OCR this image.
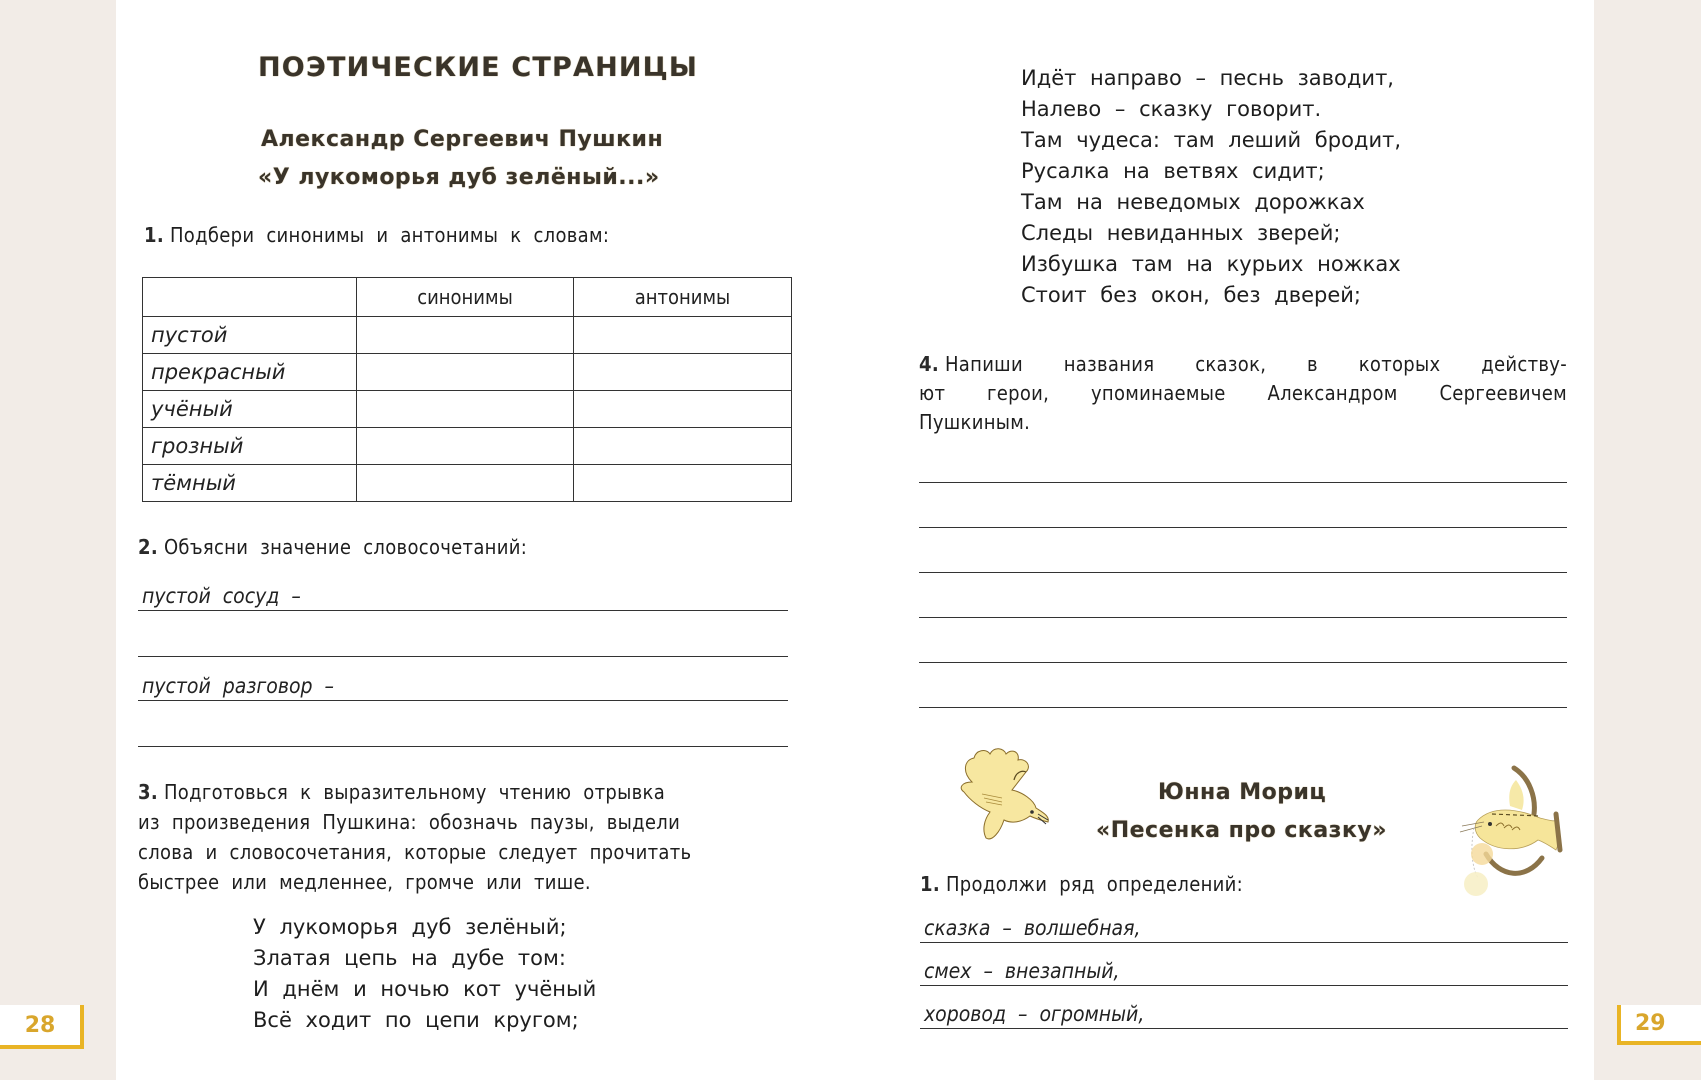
ПОЭТИЧЕСКИЕ СТРАНИЦЫ
Александр Сергеевич Пушкин
«У лукоморья дуб зелёный...»
1. Подбери синонимы и антонимы к словам:
	синонимы	антонимы
пустой		
прекрасный		
учёный		
грозный		
тёмный		
2. Объясни значение словосочетаний:
пустой сосуд –
пустой разговор –
3. Подготовься к выразительному чтению отрывка
из произведения Пушкина: обозначь паузы, выдели
слова и словосочетания, которые следует прочитать
быстрее или медленнее, громче или тише.
У лукоморья дуб зелёный;
Златая цепь на дубе том:
И днём и ночью кот учёный
Всё ходит по цепи кругом;
28
Идёт направо – песнь заводит,
Налево – сказку говорит.
Там чудеса: там леший бродит,
Русалка на ветвях сидит;
Там на неведомых дорожках
Следы невиданных зверей;
Избушка там на курьих ножках
Стоит без окон, без дверей;
4. Напиши названия сказок, в которых действу-
ют герои, упоминаемые Александром Сергеевичем
Пушкиным.
Юнна Мориц
«Песенка про сказку»
1. Продолжи ряд определений:
сказка – волшебная,
смех – внезапный,
хоровод – огромный,	29
